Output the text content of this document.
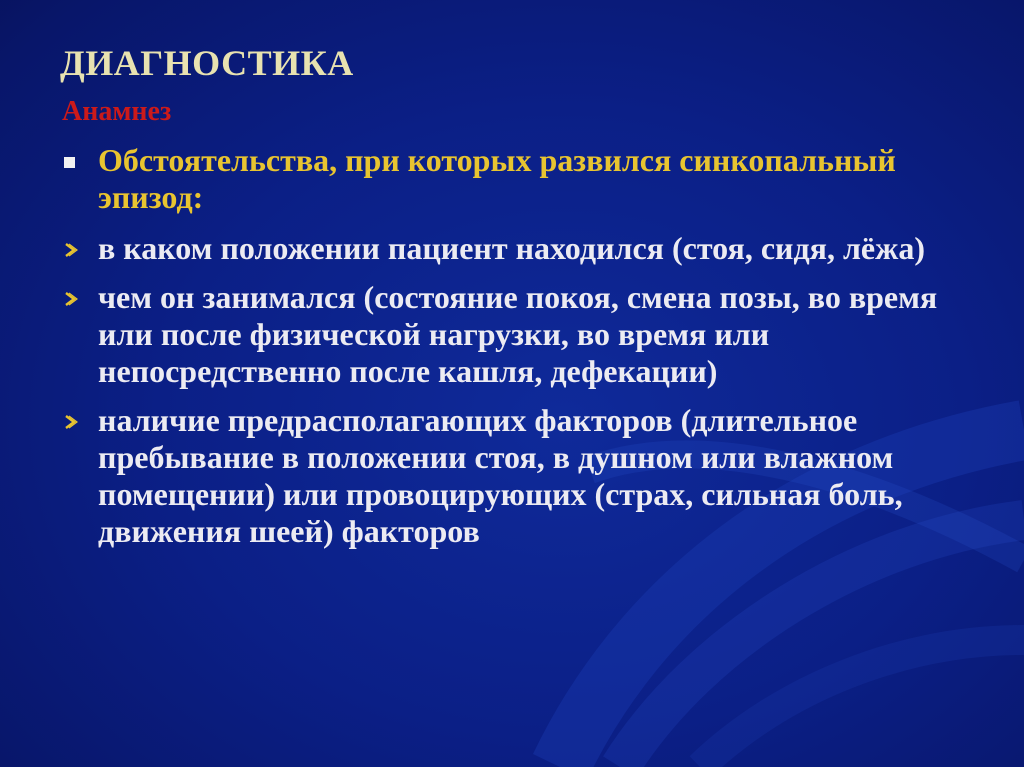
ДИАГНОСТИКА
Анамнез
Обстоятельства, при которых развился синкопальный эпизод:
в каком положении пациент находился (стоя, сидя, лёжа)
чем он занимался (состояние покоя, смена позы, во время или после физической нагрузки, во время или непосредственно после кашля, дефекации)
наличие предрасполагающих факторов (длительное пребывание в положении стоя, в душном или влажном помещении) или провоцирующих (страх, сильная боль, движения шеей) факторов
